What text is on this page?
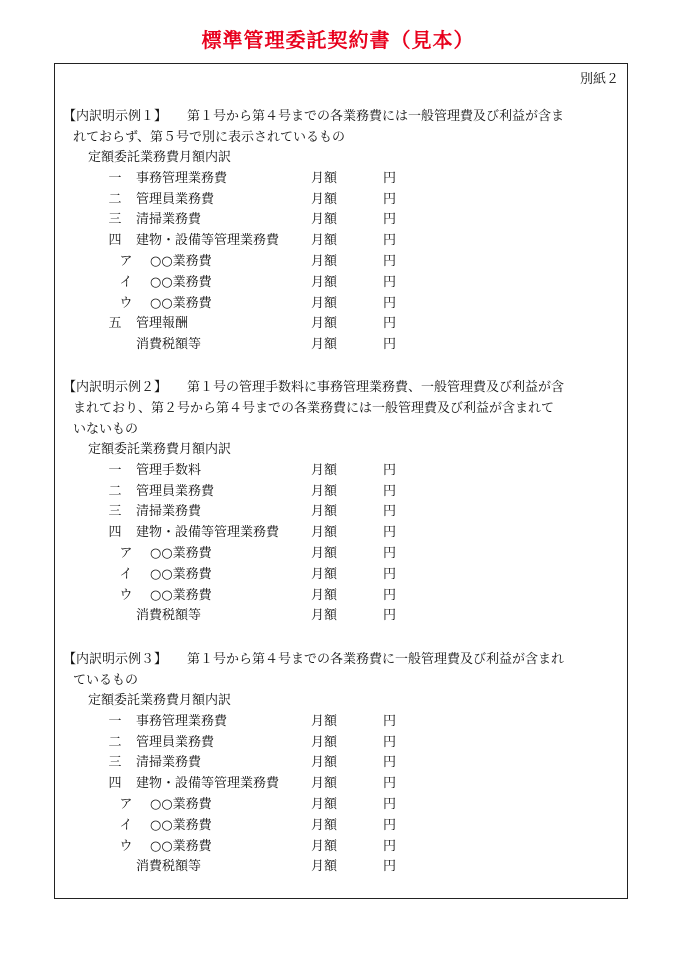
標準管理委託契約書（見本）
別紙２
【内訳明示例１】 第１号から第４号までの各業務費には一般管理費及び利益が含ま
れておらず、第５号で別に表示されているもの
定額委託業務費月額内訳
一 事務管理業務費	月額	円
二 管理員業務費	月額	円
三 清掃業務費	月額	円
四 建物・設備等管理業務費 月額	円
ア ○○業務費	月額	円
イ ○○業務費	月額	円
ウ ○○業務費	月額	円
五 管理報酬	月額	円
消費税額等	月額	円
【内訳明示例２】 第１号の管理手数料に事務管理業務費、一般管理費及び利益が含
まれており、第２号から第４号までの各業務費には一般管理費及び利益が含まれて
いないもの
定額委託業務費月額内訳
一 管理手数料	月額	円
二 管理員業務費	月額	円
三 清掃業務費	月額	円
四 建物・設備等管理業務費 月額	円
ア ○○業務費	月額	円
イ ○○業務費	月額	円
ウ ○○業務費	月額	円
消費税額等	月額	円
【内訳明示例３】 第１号から第４号までの各業務費に一般管理費及び利益が含まれ
ているもの
定額委託業務費月額内訳
一 事務管理業務費	月額	円
二 管理員業務費	月額	円
三 清掃業務費	月額	円
四 建物・設備等管理業務費 月額	円
ア ○○業務費	月額	円
イ ○○業務費	月額	円
ウ ○○業務費	月額	円
消費税額等	月額	円
